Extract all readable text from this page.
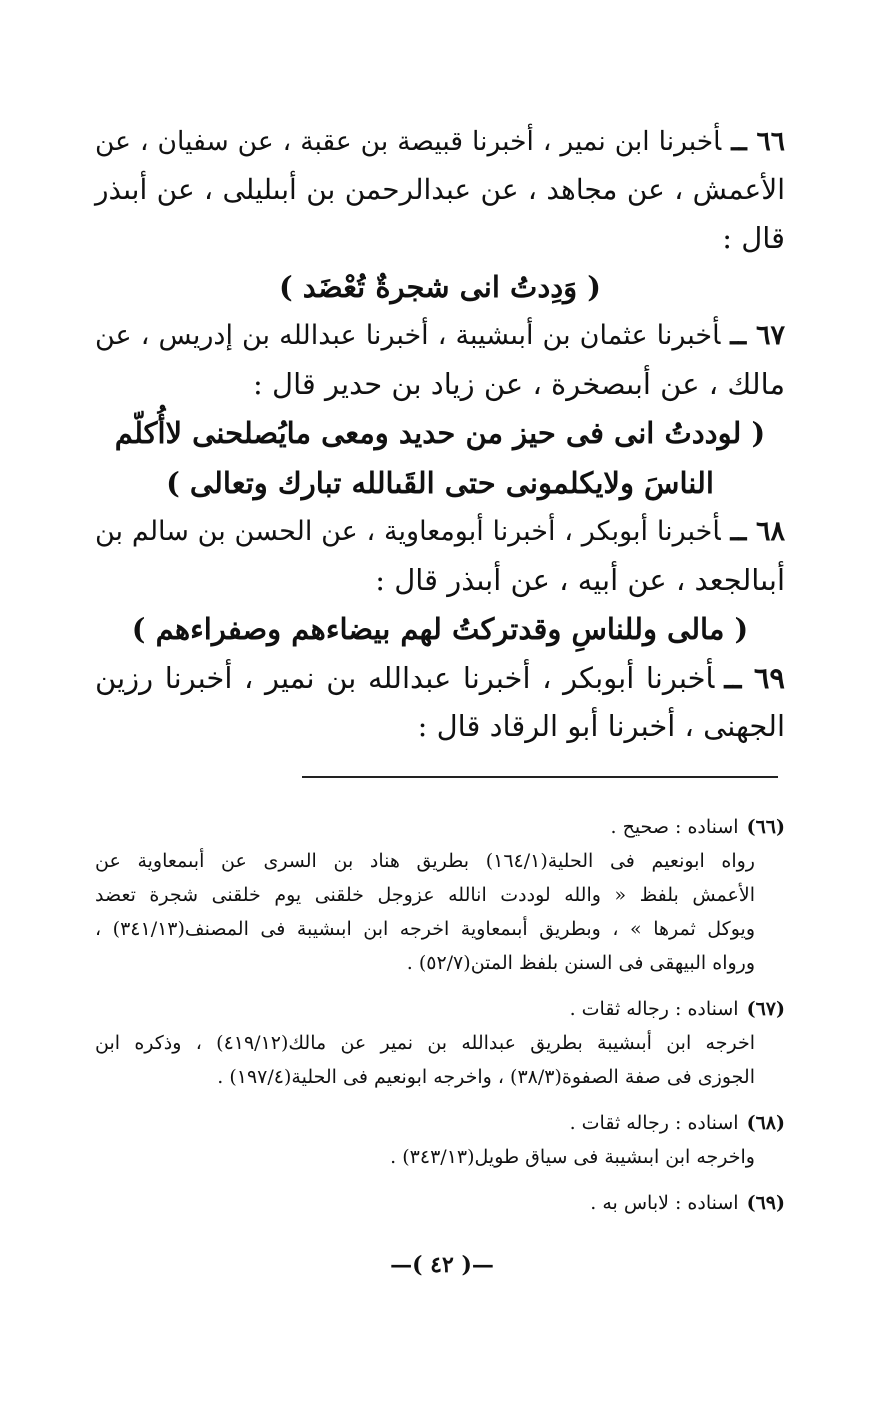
٦٦ ــأخبرنا ابن نمير ، أخبرنا قبيصة بن عقبة ، عن سفيان ، عن
الأعمش ، عن مجاهد ، عن عبدالرحمن بن أبىليلى ، عن أبىذر
قال :
( وَدِدتُ انى شجرةٌ تُعْضَد )
٦٧ ــأخبرنا عثمان بن أبىشيبة ، أخبرنا عبدالله بن إدريس ، عن
مالك ، عن أبىصخرة ، عن زياد بن حدير قال :
( لوددتُ انى فى حيز من حديد ومعى مايُصلحنى لاأُكلّم
الناسَ ولايكلمونى حتى القَىالله تبارك وتعالى )
٦٨ ــأخبرنا أبوبكر ، أخبرنا أبومعاوية ، عن الحسن بن سالم بن
أبىالجعد ، عن أبيه ، عن أبىذر قال :
( مالى وللناسِ وقدتركتُ لهم بيضاءهم وصفراءهم )
٦٩ ــأخبرنا أبوبكر ، أخبرنا عبدالله بن نمير ، أخبرنا رزين
الجهنى ، أخبرنا أبو الرقاد قال :
(٦٦)اسناده : صحيح .
رواه ابونعيم فى الحلية(١٦٤/١) بطريق هناد بن السرى عن أبىمعاوية عن
الأعمش بلفظ « والله لوددت انالله عزوجل خلقنى يوم خلقنى شجرة تعضد
ويوكل ثمرها » ، وبطريق أبىمعاوية اخرجه ابن ابىشيبة فى المصنف(٣٤١/١٣) ،
ورواه البيهقى فى السنن بلفظ المتن(٥٢/٧) .
(٦٧)اسناده : رجاله ثقات .
اخرجه ابن أبىشيبة بطريق عبدالله بن نمير عن مالك(٤١٩/١٢) ، وذكره ابن
الجوزى فى صفة الصفوة(٣٨/٣) ، واخرجه ابونعيم فى الحلية(١٩٧/٤) .
(٦٨)اسناده : رجاله ثقات .
واخرجه ابن ابىشيبة فى سياق طويل(٣٤٣/١٣) .
(٦٩)اسناده : لاباس به .
—( ٤٢ )—
